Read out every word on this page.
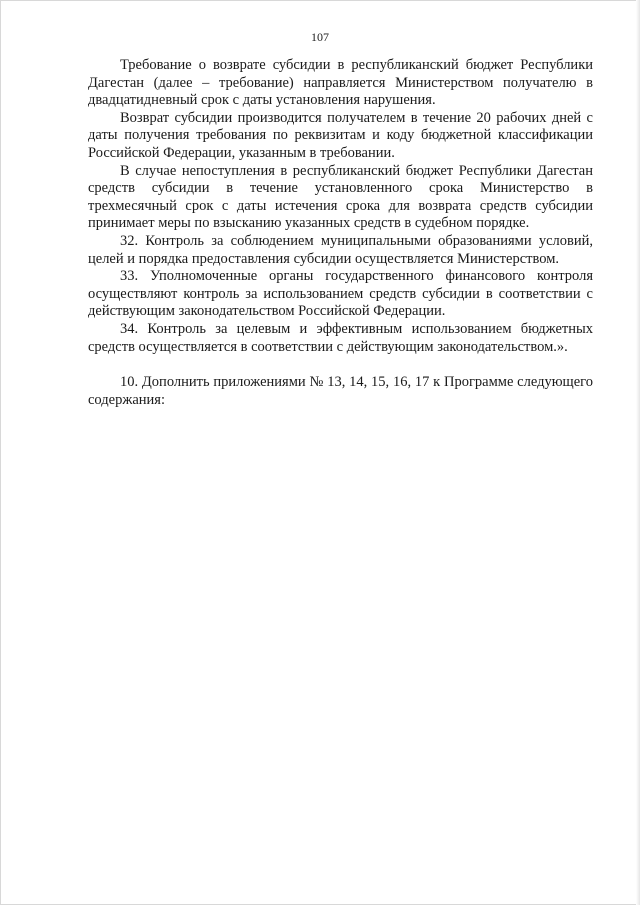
107

Требование о возврате субсидии в республиканский бюджет Республики Дагестан (далее – требование) направляется Министерством получателю в двадцатидневный срок с даты установления нарушения.

Возврат субсидии производится получателем в течение 20 рабочих дней с даты получения требования по реквизитам и коду бюджетной классификации Российской Федерации, указанным в требовании.

В случае непоступления в республиканский бюджет Республики Дагестан средств субсидии в течение установленного срока Министерство в трехмесячный срок с даты истечения срока для возврата средств субсидии принимает меры по взысканию указанных средств в судебном порядке.

32. Контроль за соблюдением муниципальными образованиями условий, целей и порядка предоставления субсидии осуществляется Министерством.

33. Уполномоченные органы государственного финансового контроля осуществляют контроль за использованием средств субсидии в соответствии с действующим законодательством Российской Федерации.

34. Контроль за целевым и эффективным использованием бюджетных средств осуществляется в соответствии с действующим законодательством.».

10. Дополнить приложениями № 13, 14, 15, 16, 17 к Программе следующего содержания:
